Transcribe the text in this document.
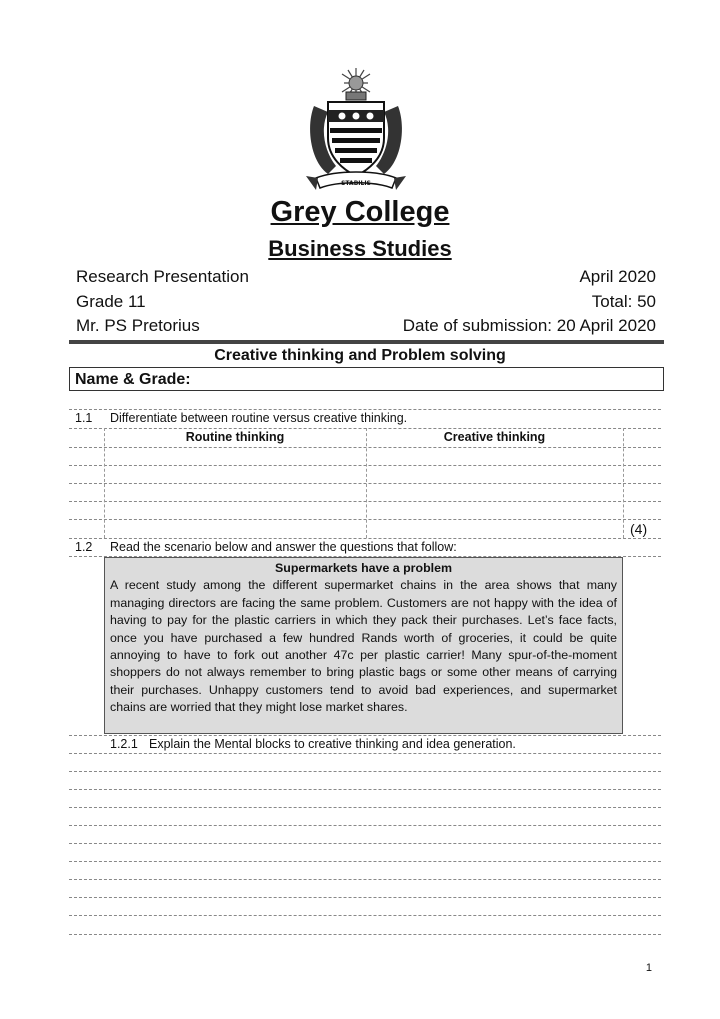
STABILIS
Grey College
Business Studies
Research Presentation
Grade 11
Mr. PS Pretorius
April 2020
Total: 50
Date of submission: 20 April 2020
Creative thinking and Problem solving
Name & Grade:
1.1 Differentiate between routine versus creative thinking.
Routine thinking	Creative thinking
(4)
1.2 Read the scenario below and answer the questions that follow:
Supermarkets have a problem
A recent study among the different supermarket chains in the area shows that many managing directors are facing the same problem. Customers are not happy with the idea of having to pay for the plastic carriers in which they pack their purchases. Let’s face facts, once you have purchased a few hundred Rands worth of groceries, it could be quite annoying to have to fork out another 47c per plastic carrier! Many spur-of-the-moment shoppers do not always remember to bring plastic bags or some other means of carrying their purchases. Unhappy customers tend to avoid bad experiences, and supermarket chains are worried that they might lose market shares.
1.2.1 Explain the Mental blocks to creative thinking and idea generation.
1
